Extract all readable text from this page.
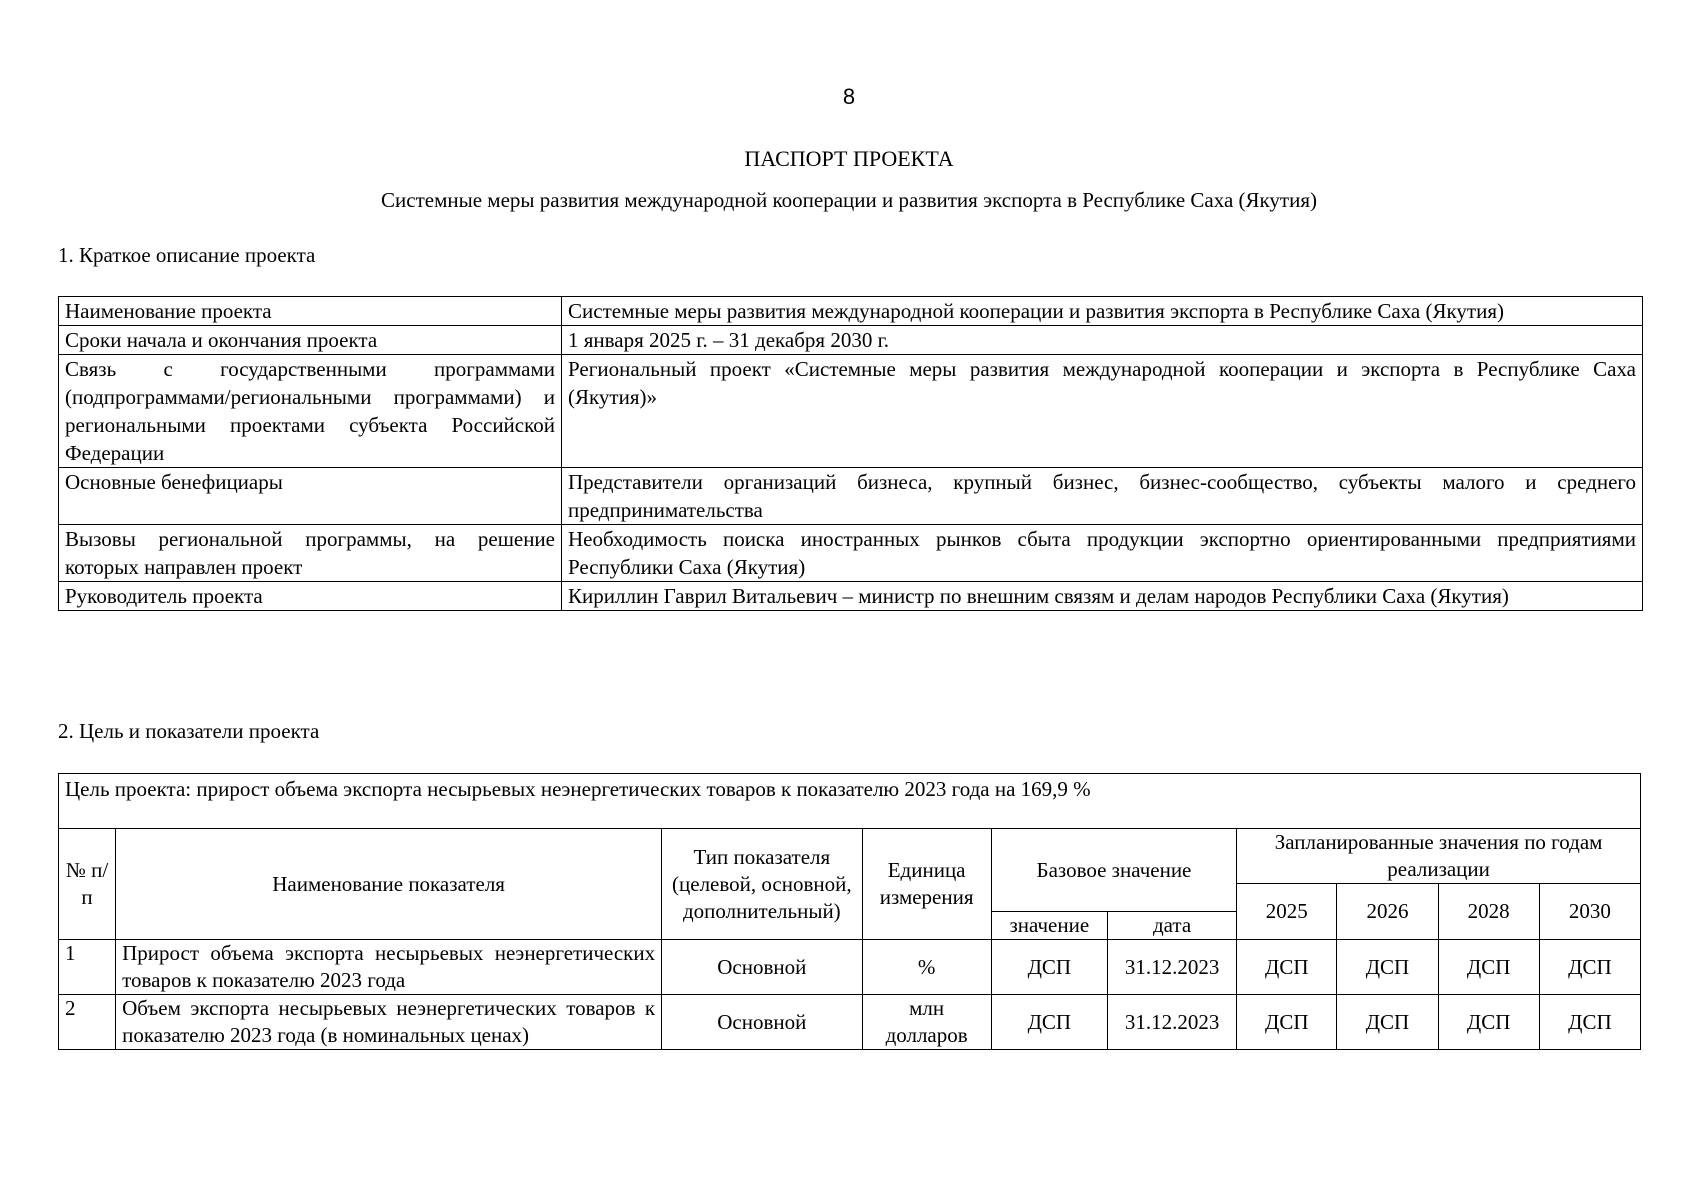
8
ПАСПОРТ ПРОЕКТА
Системные меры развития международной кооперации и развития экспорта в Республике Саха (Якутия)
1. Краткое описание проекта
Наименование проекта	Системные меры развития международной кооперации и развития экспорта в Республике Саха (Якутия)
Сроки начала и окончания проекта	1 января 2025 г. – 31 декабря 2030 г.
Связь с государственными программами (подпрограммами/региональными программами) и региональными проектами субъекта Российской Федерации	Региональный проект «Системные меры развития международной кооперации и экспорта в Республике Саха (Якутия)»
Основные бенефициары	Представители организаций бизнеса, крупный бизнес, бизнес-сообщество, субъекты малого и среднего предпринимательства
Вызовы региональной программы, на решение которых направлен проект	Необходимость поиска иностранных рынков сбыта продукции экспортно ориентированными предприятиями Республики Саха (Якутия)
Руководитель проекта	Кириллин Гаврил Витальевич – министр по внешним связям и делам народов Республики Саха (Якутия)
2. Цель и показатели проекта
Цель проекта: прирост объема экспорта несырьевых неэнергетических товаров к показателю 2023 года на 169,9 %									
№ п/п	Наименование показателя	Тип показателя (целевой, основной, дополнительный)	Единица измерения	Базовое значение		Запланированные значения по годам реализации			
						2025	2026	2028	2030
				значение	дата				
1	Прирост объема экспорта несырьевых неэнергетических товаров к показателю 2023 года	Основной	%	ДСП	31.12.2023	ДСП	ДСП	ДСП	ДСП
2	Объем экспорта несырьевых неэнергетических товаров к показателю 2023 года (в номинальных ценах)	Основной	млн долларов	ДСП	31.12.2023	ДСП	ДСП	ДСП	ДСП
